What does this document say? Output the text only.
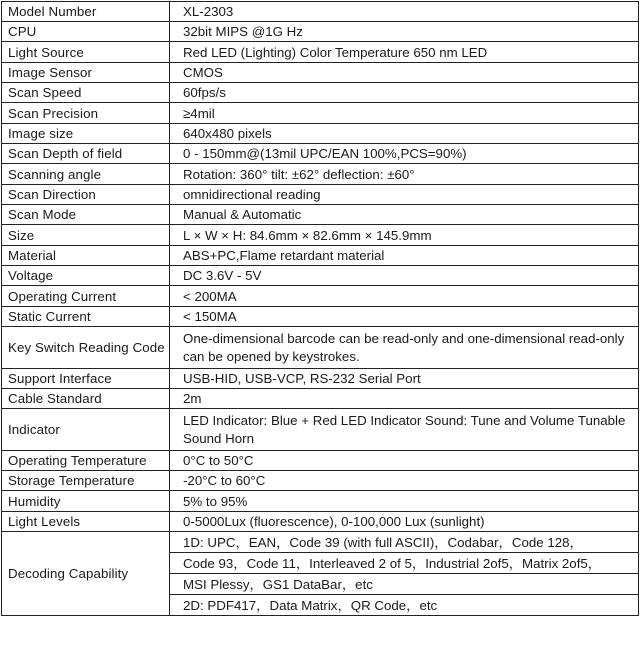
Model Number	XL-2303
CPU	32bit MIPS @1G Hz
Light Source	Red LED (Lighting) Color Temperature 650 nm LED
Image Sensor	CMOS
Scan Speed	60fps/s
Scan Precision	≥4mil
Image size	640x480 pixels
Scan Depth of field	0 - 150mm@(13mil UPC/EAN 100%,PCS=90%)
Scanning angle	Rotation: 360° tilt: ±62° deflection: ±60°
Scan Direction	omnidirectional reading
Scan Mode	Manual & Automatic
Size	L × W × H: 84.6mm × 82.6mm × 145.9mm
Material	ABS+PC,Flame retardant material
Voltage	DC 3.6V - 5V
Operating Current	< 200MA
Static Current	< 150MA
Key Switch Reading Code	One-dimensional barcode can be read-only and one-dimensional read-only can be opened by keystrokes.
Support Interface	USB-HID, USB-VCP, RS-232 Serial Port
Cable Standard	2m
Indicator	LED Indicator: Blue + Red LED Indicator Sound: Tune and Volume Tunable Sound Horn
Operating Temperature	0°C to 50°C
Storage Temperature	-20°C to 60°C
Humidity	5% to 95%
Light Levels	0-5000Lux (fluorescence), 0-100,000 Lux (sunlight)
Decoding Capability	1D: UPC，EAN，Code 39 (with full ASCII)，Codabar，Code 128，
	Code 93，Code 11，Interleaved 2 of 5，Industrial 2of5，Matrix 2of5，
	MSI Plessy，GS1 DataBar，etc
	2D: PDF417，Data Matrix，QR Code，etc
